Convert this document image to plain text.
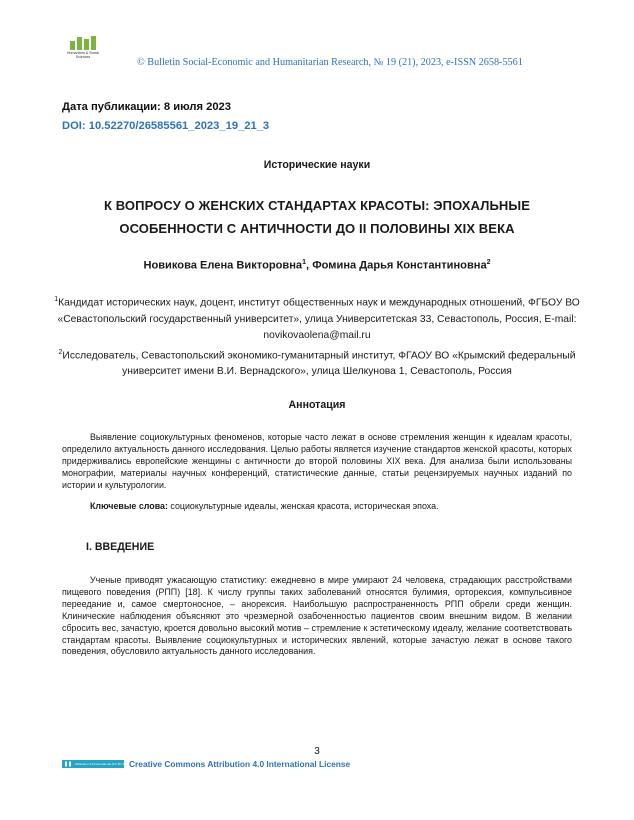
Humanities & Social Sciences	© Bulletin Social-Economic and Humanitarian Research, № 19 (21), 2023, e-ISSN 2658-5561
Дата публикации: 8 июля 2023
DOI: 10.52270/26585561_2023_19_21_3
Исторические науки
К ВОПРОСУ О ЖЕНСКИХ СТАНДАРТАХ КРАСОТЫ: ЭПОХАЛЬНЫЕ
ОСОБЕННОСТИ С АНТИЧНОСТИ ДО II ПОЛОВИНЫ XIX ВЕКА
Новикова Елена Викторовна$^1$, Фомина Дарья Константиновна$^2$
$^1$Кандидат исторических наук, доцент, институт общественных наук и международных отношений, ФГБОУ ВО «Севастопольский государственный университет», улица Университетская 33, Севастополь, Россия, E-mail: novikovaolena@mail.ru
$^2$Исследователь, Севастопольский экономико-гуманитарный институт, ФГАОУ ВО «Крымский федеральный университет имени В.И. Вернадского», улица Шелкунова 1, Севастополь, Россия
Аннотация

Выявление социокультурных феноменов, которые часто лежат в основе стремления женщин к идеалам красоты, определило актуальность данного исследования. Целью работы является изучение стандартов женской красоты, которых придерживались европейские женщины с античности до второй половины XIX века. Для анализа были использованы монографии, материалы научных конференций, статистические данные, статьи рецензируемых научных изданий по истории и культурологии.

Ключевые слова: социокультурные идеалы, женская красота, историческая эпоха.
I. ВВЕДЕНИЕ

Ученые приводят ужасающую статистику: ежедневно в мире умирают 24 человека, страдающих расстройствами пищевого поведения (РПП) [18]. К числу группы таких заболеваний относятся булимия, орторексия, компульсивное переедание и, самое смертоносное, – анорексия. Наибольшую распространенность РПП обрели среди женщин. Клинические наблюдения объясняют это чрезмерной озабоченностью пациентов своим внешним видом. В желании сбросить вес, зачастую, кроется довольно высокий мотив – стремление к эстетическому идеалу, желание соответствовать стандартам красоты. Выявление социокультурных и исторических явлений, которые зачастую лежат в основе такого поведения, обусловило актуальность данного исследования.

3
Attribution 4.0 International (CC BY 4.0) Creative Commons Attribution 4.0 International License
